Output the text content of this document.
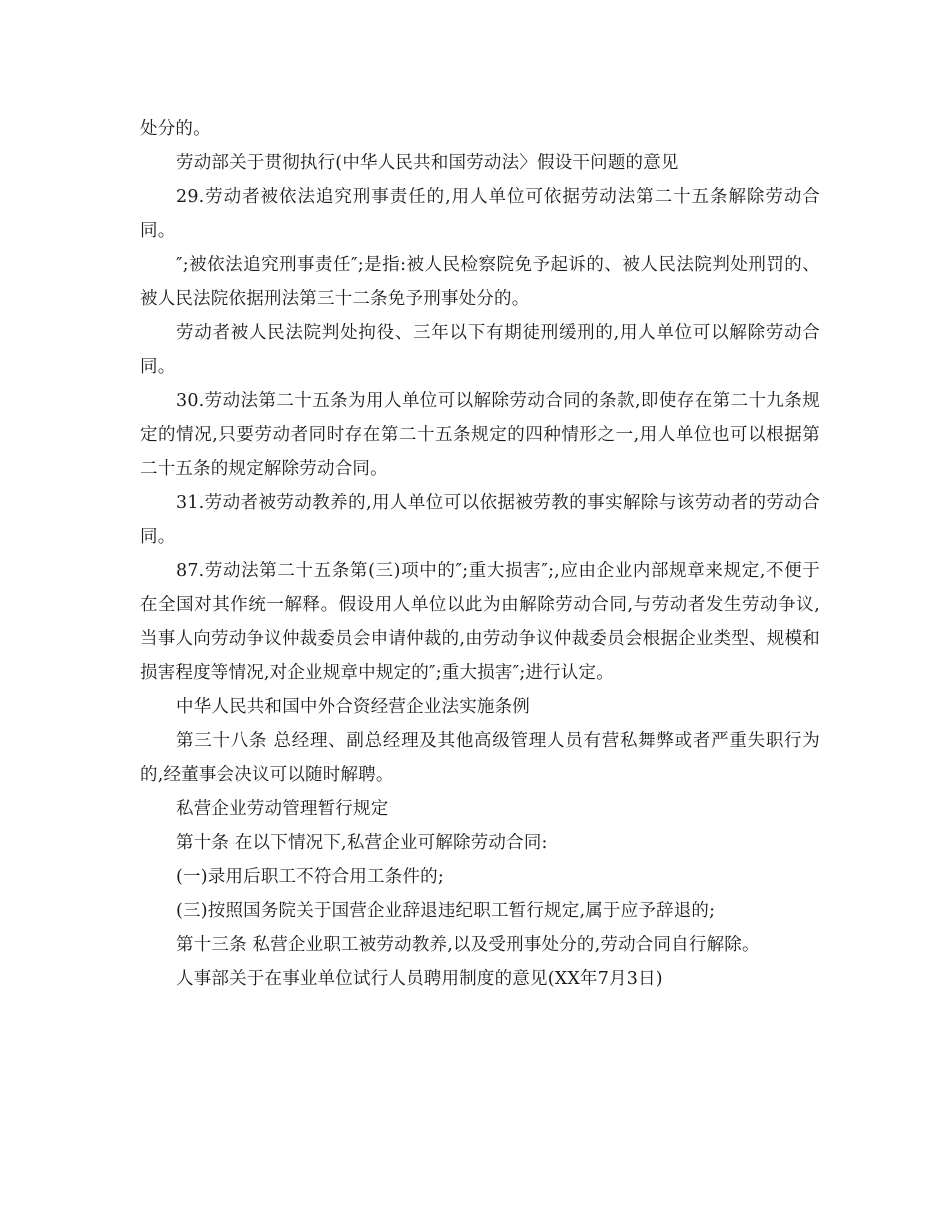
处分的。

劳动部关于贯彻执行(中华人民共和国劳动法〉假设干问题的意见

29.劳动者被依法追究刑事责任的,用人单位可依据劳动法第二十五条解除劳动合同。

″;被依法追究刑事责任″;是指:被人民检察院免予起诉的、被人民法院判处刑罚的、被人民法院依据刑法第三十二条免予刑事处分的。

劳动者被人民法院判处拘役、三年以下有期徒刑缓刑的,用人单位可以解除劳动合同。

30.劳动法第二十五条为用人单位可以解除劳动合同的条款,即使存在第二十九条规定的情况,只要劳动者同时存在第二十五条规定的四种情形之一,用人单位也可以根据第二十五条的规定解除劳动合同。

31.劳动者被劳动教养的,用人单位可以依据被劳教的事实解除与该劳动者的劳动合同。

87.劳动法第二十五条第(三)项中的″;重大损害″;,应由企业内部规章来规定,不便于在全国对其作统一解释。假设用人单位以此为由解除劳动合同,与劳动者发生劳动争议,当事人向劳动争议仲裁委员会申请仲裁的,由劳动争议仲裁委员会根据企业类型、规模和损害程度等情况,对企业规章中规定的″;重大损害″;进行认定。

中华人民共和国中外合资经营企业法实施条例

第三十八条 总经理、副总经理及其他高级管理人员有营私舞弊或者严重失职行为的,经董事会决议可以随时解聘。

私营企业劳动管理暂行规定

第十条 在以下情况下,私营企业可解除劳动合同:

(一)录用后职工不符合用工条件的;

(三)按照国务院关于国营企业辞退违纪职工暂行规定,属于应予辞退的;

第十三条 私营企业职工被劳动教养,以及受刑事处分的,劳动合同自行解除。

人事部关于在事业单位试行人员聘用制度的意见(XX年7月3日)
